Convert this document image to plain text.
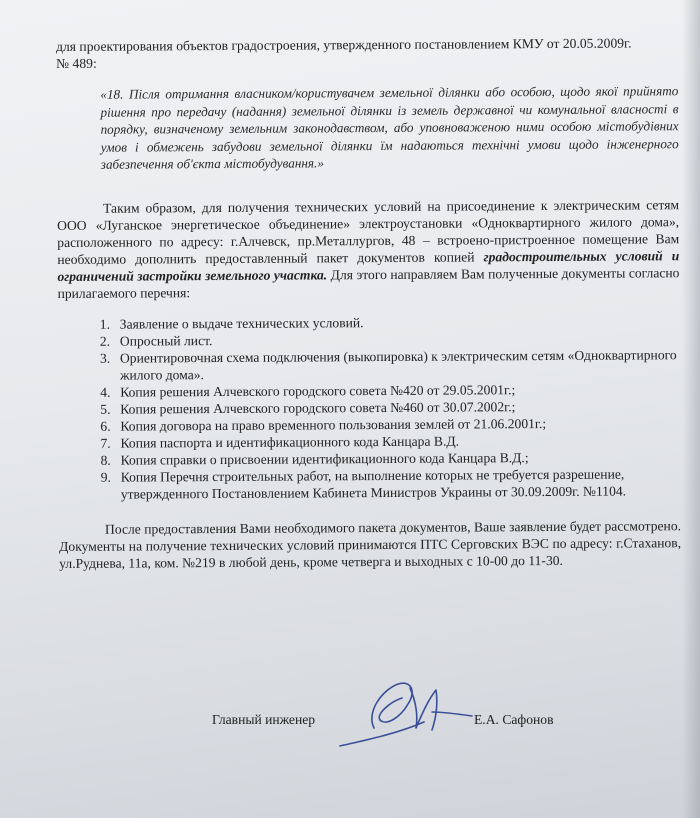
для проектирования объектов градостроения, утвержденного постановлением КМУ от 20.05.2009г.

№ 489:

«18. Після отримання власником/користувачем земельної ділянки або особою, щодо якої прийнято рішення про передачу (надання) земельної ділянки із земель державної чи комунальної власності в порядку, визначеному земельним законодавством, або уповноваженою ними особою містобудівних умов і обмежень забудови земельної ділянки їм надаються технічні умови щодо інженерного забезпечення об'єкта містобудування.»

Таким образом, для получения технических условий на присоединение к электрическим сетям ООО «Луганское энергетическое объединение» электроустановки «Одноквартирного жилого дома», расположенного по адресу: г.Алчевск, пр.Металлургов, 48 – встроено-пристроенное помещение Вам необходимо дополнить предоставленный пакет документов копией градостроительных условий и ограничений застройки земельного участка. Для этого направляем Вам полученные документы согласно прилагаемого перечня:

1. Заявление о выдаче технических условий.
2. Опросный лист.
3. Ориентировочная схема подключения (выкопировка) к электрическим сетям «Одноквартирного жилого дома».
4. Копия решения Алчевского городского совета №420 от 29.05.2001г.;
5. Копия решения Алчевского городского совета №460 от 30.07.2002г.;
6. Копия договора на право временного пользования землей от 21.06.2001г.;
7. Копия паспорта и идентификационного кода Канцара В.Д.
8. Копия справки о присвоении идентификационного кода Канцара В.Д.;
9. Копия Перечня строительных работ, на выполнение которых не требуется разрешение, утвержденного Постановлением Кабинета Министров Украины от 30.09.2009г. №1104.

После предоставления Вами необходимого пакета документов, Ваше заявление будет рассмотрено. Документы на получение технических условий принимаются ПТС Серговских ВЭС по адресу: г.Стаханов, ул.Руднева, 11а, ком. №219 в любой день, кроме четверга и выходных с 10-00 до 11-30.

Главный инженер	Е.А. Сафонов
